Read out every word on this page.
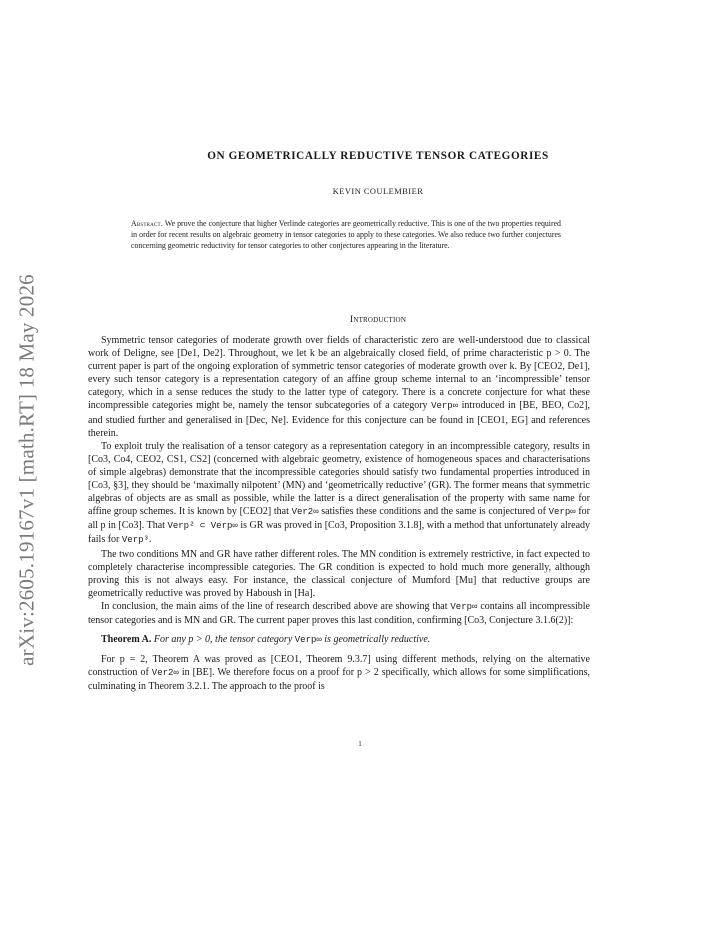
arXiv:2605.19167v1 [math.RT] 18 May 2026
ON GEOMETRICALLY REDUCTIVE TENSOR CATEGORIES
KEVIN COULEMBIER
Abstract. We prove the conjecture that higher Verlinde categories are geometrically reductive. This is one of the two properties required in order for recent results on algebraic geometry in tensor categories to apply to these categories. We also reduce two further conjectures concerning geometric reductivity for tensor categories to other conjectures appearing in the literature.
Introduction

Symmetric tensor categories of moderate growth over fields of characteristic zero are well-understood due to classical work of Deligne, see [De1, De2]. Throughout, we let k be an algebraically closed field, of prime characteristic p > 0. The current paper is part of the ongoing exploration of symmetric tensor categories of moderate growth over k. By [CEO2, De1], every such tensor category is a representation category of an affine group scheme internal to an ‘incompressible’ tensor category, which in a sense reduces the study to the latter type of category. There is a concrete conjecture for what these incompressible categories might be, namely the tensor subcategories of a category Verp∞ introduced in [BE, BEO, Co2], and studied further and generalised in [Dec, Ne]. Evidence for this conjecture can be found in [CEO1, EG] and references therein.

To exploit truly the realisation of a tensor category as a representation category in an incompressible category, results in [Co3, Co4, CEO2, CS1, CS2] (concerned with algebraic geometry, existence of homogeneous spaces and characterisations of simple algebras) demonstrate that the incompressible categories should satisfy two fundamental properties introduced in [Co3, §3], they should be ‘maximally nilpotent’ (MN) and ‘geometrically reductive’ (GR). The former means that symmetric algebras of objects are as small as possible, while the latter is a direct generalisation of the property with same name for affine group schemes. It is known by [CEO2] that Ver2∞ satisfies these conditions and the same is conjectured of Verp∞ for all p in [Co3]. That Verp² ⊂ Verp∞ is GR was proved in [Co3, Proposition 3.1.8], with a method that unfortunately already fails for Verp³.

The two conditions MN and GR have rather different roles. The MN condition is extremely restrictive, in fact expected to completely characterise incompressible categories. The GR condition is expected to hold much more generally, although proving this is not always easy. For instance, the classical conjecture of Mumford [Mu] that reductive groups are geometrically reductive was proved by Haboush in [Ha].

In conclusion, the main aims of the line of research described above are showing that Verp∞ contains all incompressible tensor categories and is MN and GR. The current paper proves this last condition, confirming [Co3, Conjecture 3.1.6(2)]:

Theorem A. For any p > 0, the tensor category Verp∞ is geometrically reductive.

For p = 2, Theorem A was proved as [CEO1, Theorem 9.3.7] using different methods, relying on the alternative construction of Ver2∞ in [BE]. We therefore focus on a proof for p > 2 specifically, which allows for some simplifications, culminating in Theorem 3.2.1. The approach to the proof is

1
